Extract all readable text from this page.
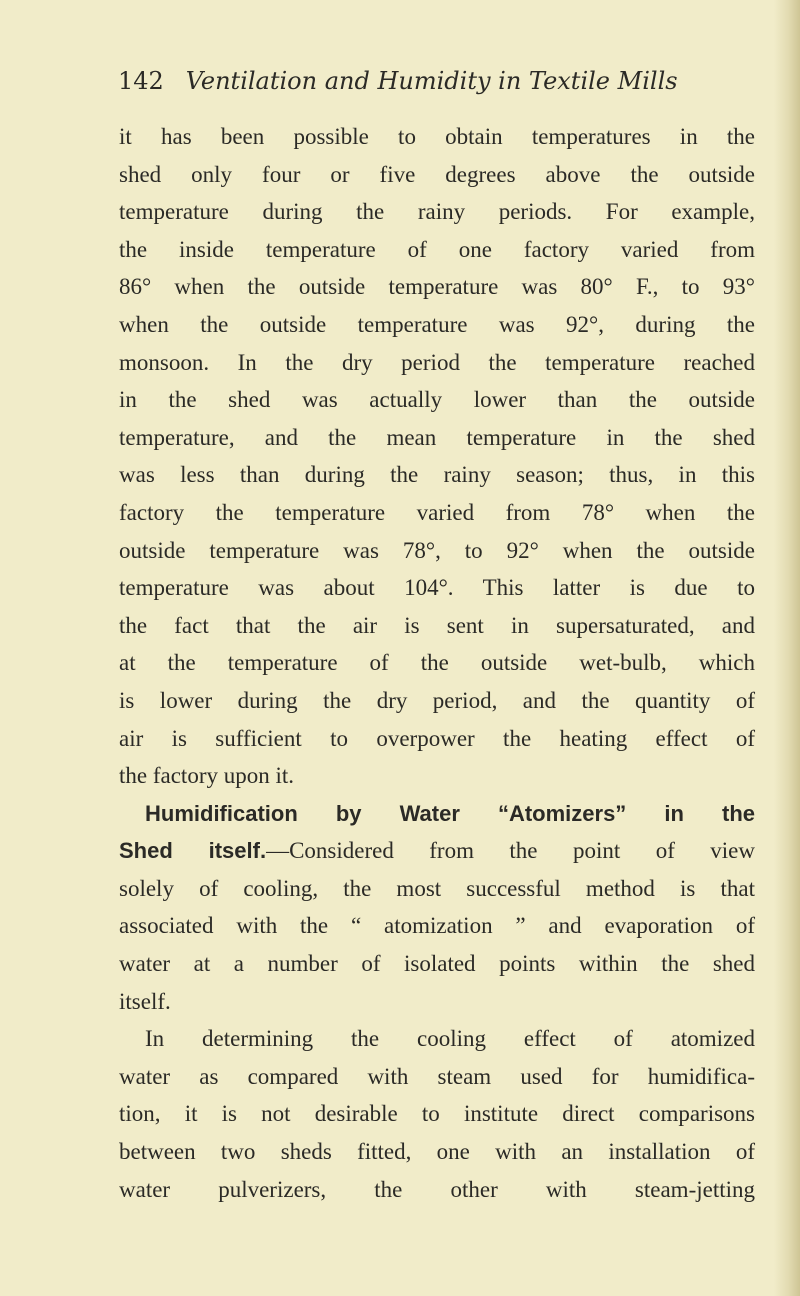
142 Ventilation and Humidity in Textile Mills
it has been possible to obtain temperatures in the
shed only four or five degrees above the outside
temperature during the rainy periods. For example,
the inside temperature of one factory varied from
86° when the outside temperature was 80° F., to 93°
when the outside temperature was 92°, during the
monsoon. In the dry period the temperature reached
in the shed was actually lower than the outside
temperature, and the mean temperature in the shed
was less than during the rainy season; thus, in this
factory the temperature varied from 78° when the
outside temperature was 78°, to 92° when the outside
temperature was about 104°. This latter is due to
the fact that the air is sent in supersaturated, and
at the temperature of the outside wet-bulb, which
is lower during the dry period, and the quantity of
air is sufficient to overpower the heating effect of
the factory upon it.
Humidification by Water “Atomizers” in the
Shed itself.—Considered from the point of view
solely of cooling, the most successful method is that
associated with the “ atomization ” and evaporation of
water at a number of isolated points within the shed
itself.
In determining the cooling effect of atomized
water as compared with steam used for humidifica-
tion, it is not desirable to institute direct comparisons
between two sheds fitted, one with an installation of
water pulverizers, the other with steam-jetting
